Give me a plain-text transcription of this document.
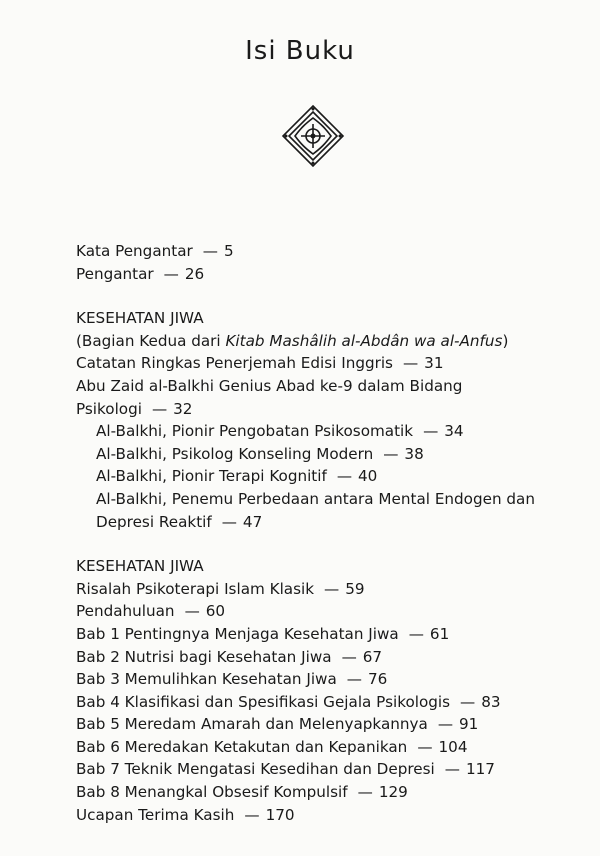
Isi Buku
Kata Pengantar — 5
Pengantar — 26
KESEHATAN JIWA
(Bagian Kedua dari Kitab Mashâlih al-Abdân wa al-Anfus)
Catatan Ringkas Penerjemah Edisi Inggris — 31
Abu Zaid al-Balkhi Genius Abad ke-9 dalam Bidang
Psikologi — 32
Al-Balkhi, Pionir Pengobatan Psikosomatik — 34
Al-Balkhi, Psikolog Konseling Modern — 38
Al-Balkhi, Pionir Terapi Kognitif — 40
Al-Balkhi, Penemu Perbedaan antara Mental Endogen dan
Depresi Reaktif — 47
KESEHATAN JIWA
Risalah Psikoterapi Islam Klasik — 59
Pendahuluan — 60
Bab 1 Pentingnya Menjaga Kesehatan Jiwa — 61
Bab 2 Nutrisi bagi Kesehatan Jiwa — 67
Bab 3 Memulihkan Kesehatan Jiwa — 76
Bab 4 Klasifikasi dan Spesifikasi Gejala Psikologis — 83
Bab 5 Meredam Amarah dan Melenyapkannya — 91
Bab 6 Meredakan Ketakutan dan Kepanikan — 104
Bab 7 Teknik Mengatasi Kesedihan dan Depresi — 117
Bab 8 Menangkal Obsesif Kompulsif — 129
Ucapan Terima Kasih — 170
